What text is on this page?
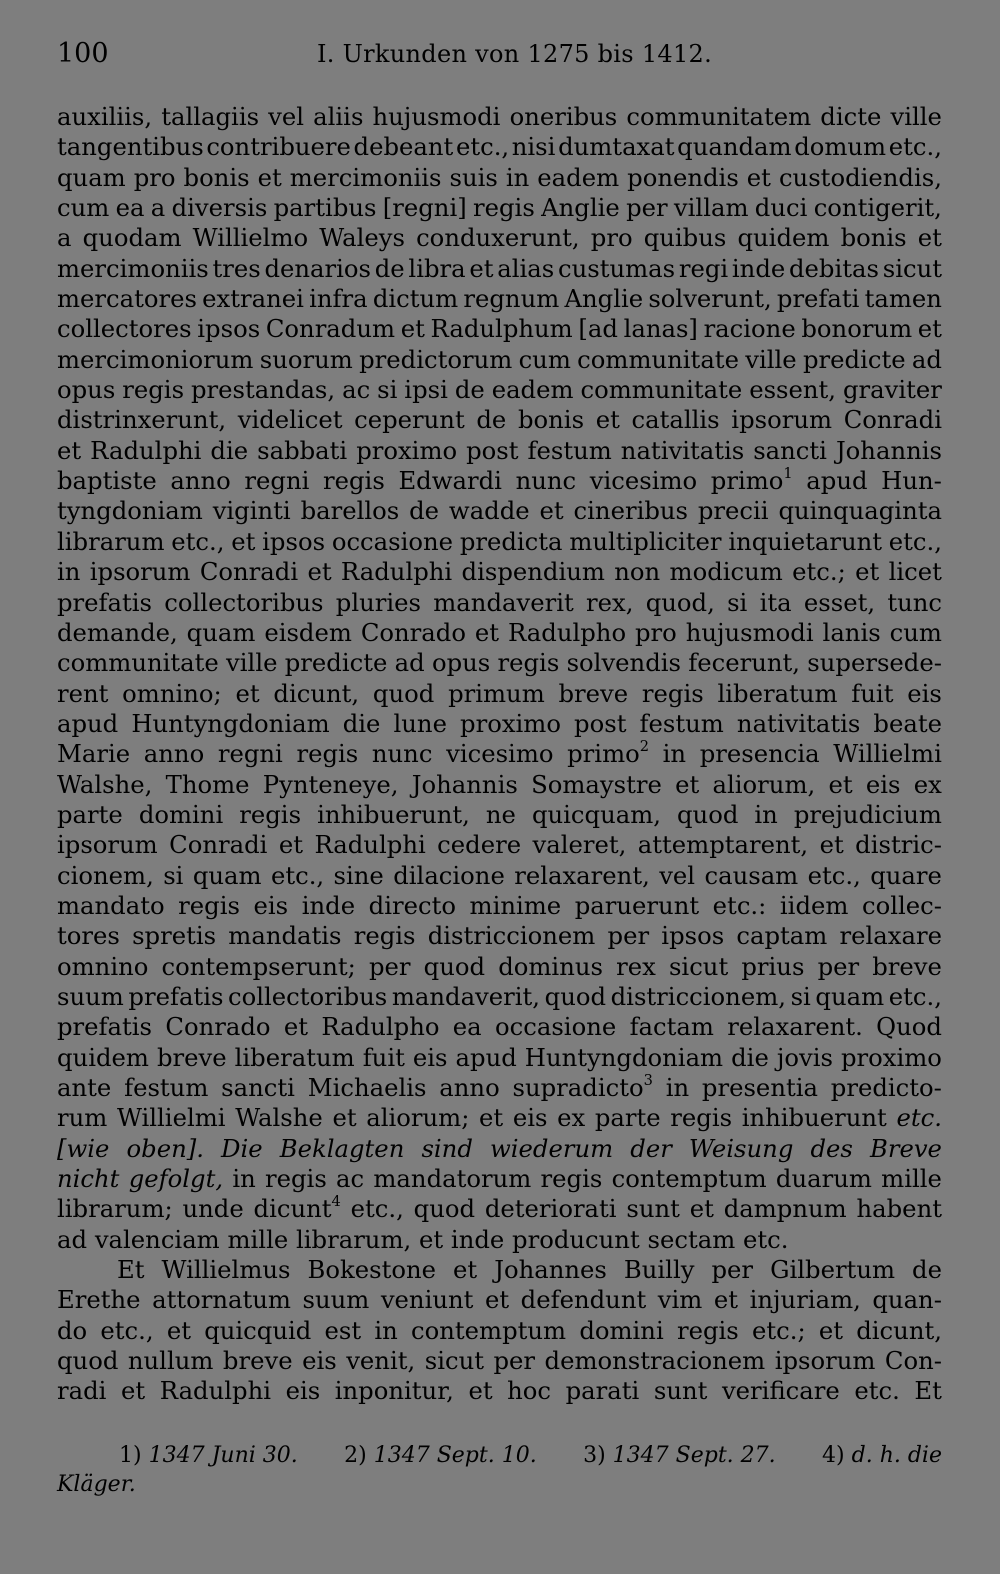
100	I. Urkunden von 1275 bis 1412.
auxiliis, tallagiis vel aliis hujusmodi oneribus communitatem dicte ville
tangentibus contribuere debeant etc., nisi dumtaxat quandam domum etc.,
quam pro bonis et mercimoniis suis in eadem ponendis et custodiendis,
cum ea a diversis partibus [regni] regis Anglie per villam duci contigerit,
a quodam Willielmo Waleys conduxerunt, pro quibus quidem bonis et
mercimoniis tres denarios de libra et alias custumas regi inde debitas sicut
mercatores extranei infra dictum regnum Anglie solverunt, prefati tamen
collectores ipsos Conradum et Radulphum [ad lanas] racione bonorum et
mercimoniorum suorum predictorum cum communitate ville predicte ad
opus regis prestandas, ac si ipsi de eadem communitate essent, graviter
distrinxerunt, videlicet ceperunt de bonis et catallis ipsorum Conradi
et Radulphi die sabbati proximo post festum nativitatis sancti Johannis
baptiste anno regni regis Edwardi nunc vicesimo primo$^1$ apud Hun-
tyngdoniam viginti barellos de wadde et cineribus precii quinquaginta
librarum etc., et ipsos occasione predicta multipliciter inquietarunt etc.,
in ipsorum Conradi et Radulphi dispendium non modicum etc.; et licet
prefatis collectoribus pluries mandaverit rex, quod, si ita esset, tunc
demande, quam eisdem Conrado et Radulpho pro hujusmodi lanis cum
communitate ville predicte ad opus regis solvendis fecerunt, supersede-
rent omnino; et dicunt, quod primum breve regis liberatum fuit eis
apud Huntyngdoniam die lune proximo post festum nativitatis beate
Marie anno regni regis nunc vicesimo primo$^2$ in presencia Willielmi
Walshe, Thome Pynteneye, Johannis Somaystre et aliorum, et eis ex
parte domini regis inhibuerunt, ne quicquam, quod in prejudicium
ipsorum Conradi et Radulphi cedere valeret, attemptarent, et distric-
cionem, si quam etc., sine dilacione relaxarent, vel causam etc., quare
mandato regis eis inde directo minime paruerunt etc.: iidem collec-
tores spretis mandatis regis districcionem per ipsos captam relaxare
omnino contempserunt; per quod dominus rex sicut prius per breve
suum prefatis collectoribus mandaverit, quod districcionem, si quam etc.,
prefatis Conrado et Radulpho ea occasione factam relaxarent. Quod
quidem breve liberatum fuit eis apud Huntyngdoniam die jovis proximo
ante festum sancti Michaelis anno supradicto$^3$ in presentia predicto-
rum Willielmi Walshe et aliorum; et eis ex parte regis inhibuerunt etc.
[wie oben]. Die Beklagten sind wiederum der Weisung des Breve
nicht gefolgt, in regis ac mandatorum regis contemptum duarum mille
librarum; unde dicunt$^4$ etc., quod deteriorati sunt et dampnum habent
ad valenciam mille librarum, et inde producunt sectam etc.
Et Willielmus Bokestone et Johannes Builly per Gilbertum de
Erethe attornatum suum veniunt et defendunt vim et injuriam, quan-
do etc., et quicquid est in contemptum domini regis etc.; et dicunt,
quod nullum breve eis venit, sicut per demonstracionem ipsorum Con-
radi et Radulphi eis inponitur, et hoc parati sunt verificare etc. Et
1) 1347 Juni 30. 2) 1347 Sept. 10. 3) 1347 Sept. 27. 4) d. h. die
Kläger.
